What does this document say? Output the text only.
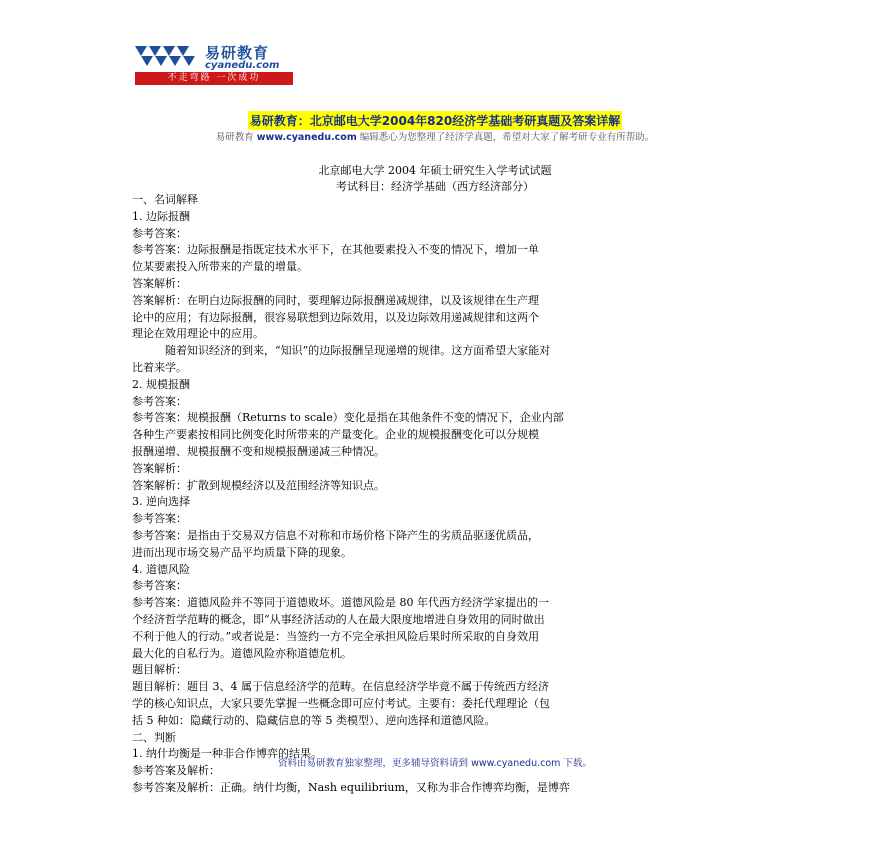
易研教育
cyanedu.com
不走弯路 一次成功
易研教育：北京邮电大学2004年820经济学基础考研真题及答案详解
易研教育 www.cyanedu.com 编辑悉心为您整理了经济学真题，希望对大家了解考研专业有所帮助。
北京邮电大学 2004 年硕士研究生入学考试试题
考试科目：经济学基础（西方经济部分）
一、名词解释
1. 边际报酬
参考答案：
参考答案：边际报酬是指既定技术水平下，在其他要素投入不变的情况下，增加一单
位某要素投入所带来的产量的增量。
答案解析：
答案解析：在明白边际报酬的同时，要理解边际报酬递减规律，以及该规律在生产理
论中的应用；有边际报酬，很容易联想到边际效用，以及边际效用递减规律和这两个
理论在效用理论中的应用。
随着知识经济的到来，“知识”的边际报酬呈现递增的规律。这方面希望大家能对
比着来学。
2. 规模报酬
参考答案：
参考答案：规模报酬（Returns to scale）变化是指在其他条件不变的情况下，企业内部
各种生产要素按相同比例变化时所带来的产量变化。企业的规模报酬变化可以分规模
报酬递增、规模报酬不变和规模报酬递减三种情况。
答案解析：
答案解析：扩散到规模经济以及范围经济等知识点。
3. 逆向选择
参考答案：
参考答案：是指由于交易双方信息不对称和市场价格下降产生的劣质品驱逐优质品，
进而出现市场交易产品平均质量下降的现象。
4. 道德风险
参考答案：
参考答案：道德风险并不等同于道德败坏。道德风险是 80 年代西方经济学家提出的一
个经济哲学范畴的概念，即“从事经济活动的人在最大限度地增进自身效用的同时做出
不利于他人的行动。”或者说是：当签约一方不完全承担风险后果时所采取的自身效用
最大化的自私行为。道德风险亦称道德危机。
题目解析：
题目解析：题目 3、4 属于信息经济学的范畴。在信息经济学毕竟不属于传统西方经济
学的核心知识点，大家只要先掌握一些概念即可应付考试。主要有：委托代理理论（包
括 5 种如：隐藏行动的、隐藏信息的等 5 类模型）、逆向选择和道德风险。
二、判断
1. 纳什均衡是一种非合作博弈的结果。
参考答案及解析：
参考答案及解析：正确。纳什均衡，Nash equilibrium，又称为非合作博弈均衡，是博弈
资料由易研教育独家整理，更多辅导资料请到 www.cyanedu.com 下载。
